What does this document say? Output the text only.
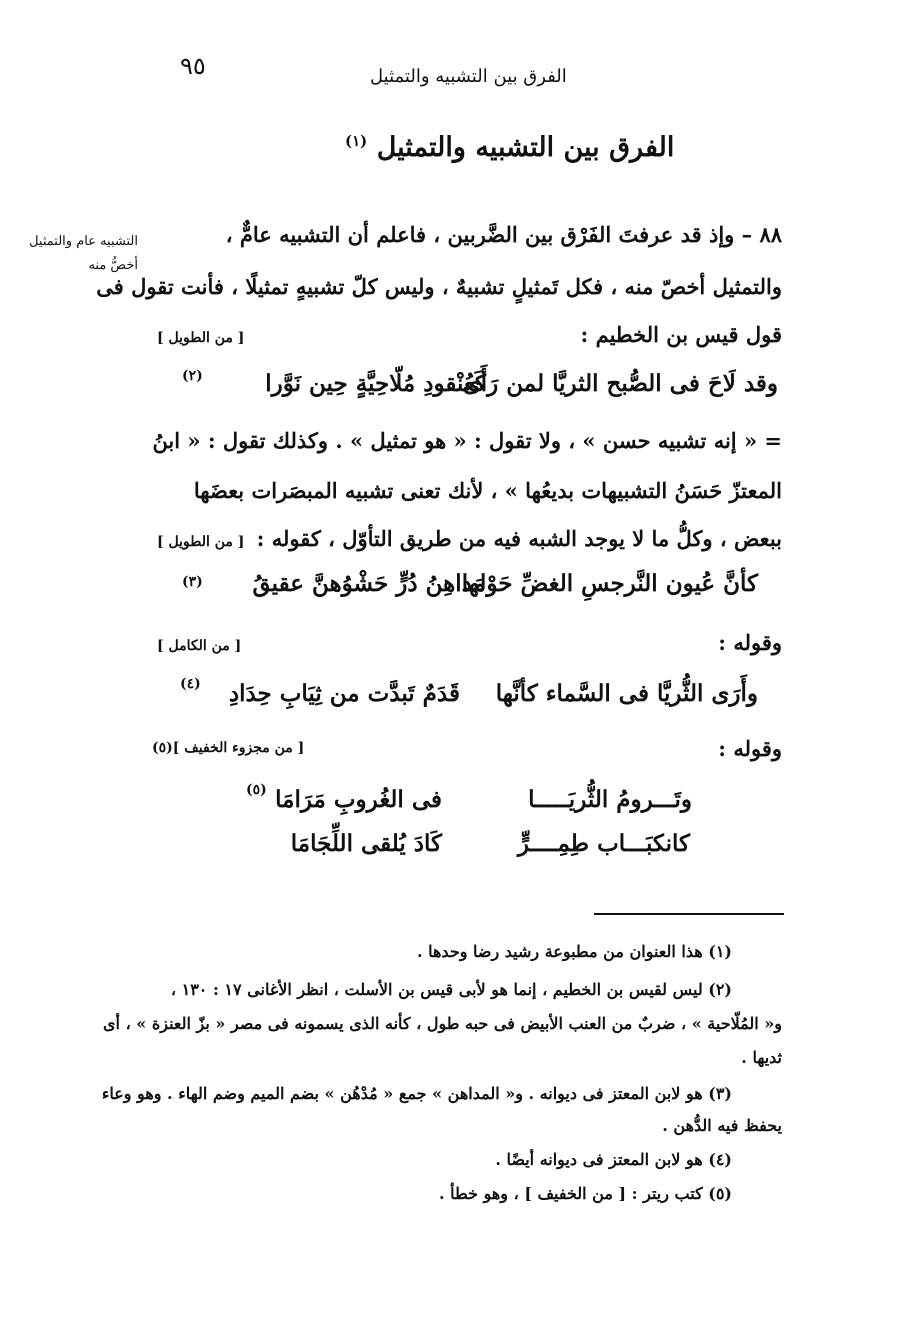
٩٥	الفرق بين التشبيه والتمثيل
الفرق بين التشبيه والتمثيل $^{(١)}$
التشبيه عام والتمثيل أخصُّ منه
٨٨ – وإذ قد عرفتَ الفَرْق بين الضَّربين ، فاعلم أن التشبيه عامٌّ ،
والتمثيل أخصّ منه ، فكل تَمثيلٍ تشبيهٌ ، وليس كلّ تشبيهٍ تمثيلًا ، فأنت تقول فى
قول قيس بن الخطيم :
[ من الطويل ]
وقد لَاحَ فى الصُّبح الثريَّا لمن رَأَى
كَعُنْقودِ مُلّاحِيَّةٍ حِين نَوَّرا
(٢)
= « إنه تشبيه حسن » ، ولا تقول : « هو تمثيل » . وكذلك تقول : « ابنُ
المعتزّ حَسَنُ التشبيهات بديعُها » ، لأنك تعنى تشبيه المبصَرات بعضَها
ببعض ، وكلُّ ما لا يوجد الشبه فيه من طريق التأوّل ، كقوله :
[ من الطويل ]
كأنَّ عُيون النَّرجسِ الغضِّ حَوْلها
مَداهِنُ دُرٍّ حَشْوُهنَّ عقيقُ
(٣)
وقوله :
[ من الكامل ]
وأَرَى الثُّريَّا فى السَّماء كأنَّها
قَدَمٌ تَبدَّت من ثِيَابِ حِدَادِ
(٤)
وقوله :
[ من مجزوء الخفيف ](٥)
وتَـــرومُ الثُّريَـــــا
فى الغُروبِ مَرَامَا
(٥)
كانكبَـــاب طِمِــــرٍّ
كَادَ يُلقى اللِّجَامَا
(١) هذا العنوان من مطبوعة رشيد رضا وحدها .
(٢) ليس لقيس بن الخطيم ، إنما هو لأبى قيس بن الأسلت ، انظر الأغانى ١٧ : ١٣٠ ،
و« المُلّاحية » ، ضربٌ من العنب الأبيض فى حبه طول ، كأنه الذى يسمونه فى مصر « بزّ العنزة » ، أى
ثديها .
(٣) هو لابن المعتز فى ديوانه . و« المداهن » جمع « مُدْهُن » بضم الميم وضم الهاء . وهو وعاء
يحفظ فيه الدُّهن .
(٤) هو لابن المعتز فى ديوانه أيضًا .
(٥) كتب ريتر : [ من الخفيف ] ، وهو خطأ .
